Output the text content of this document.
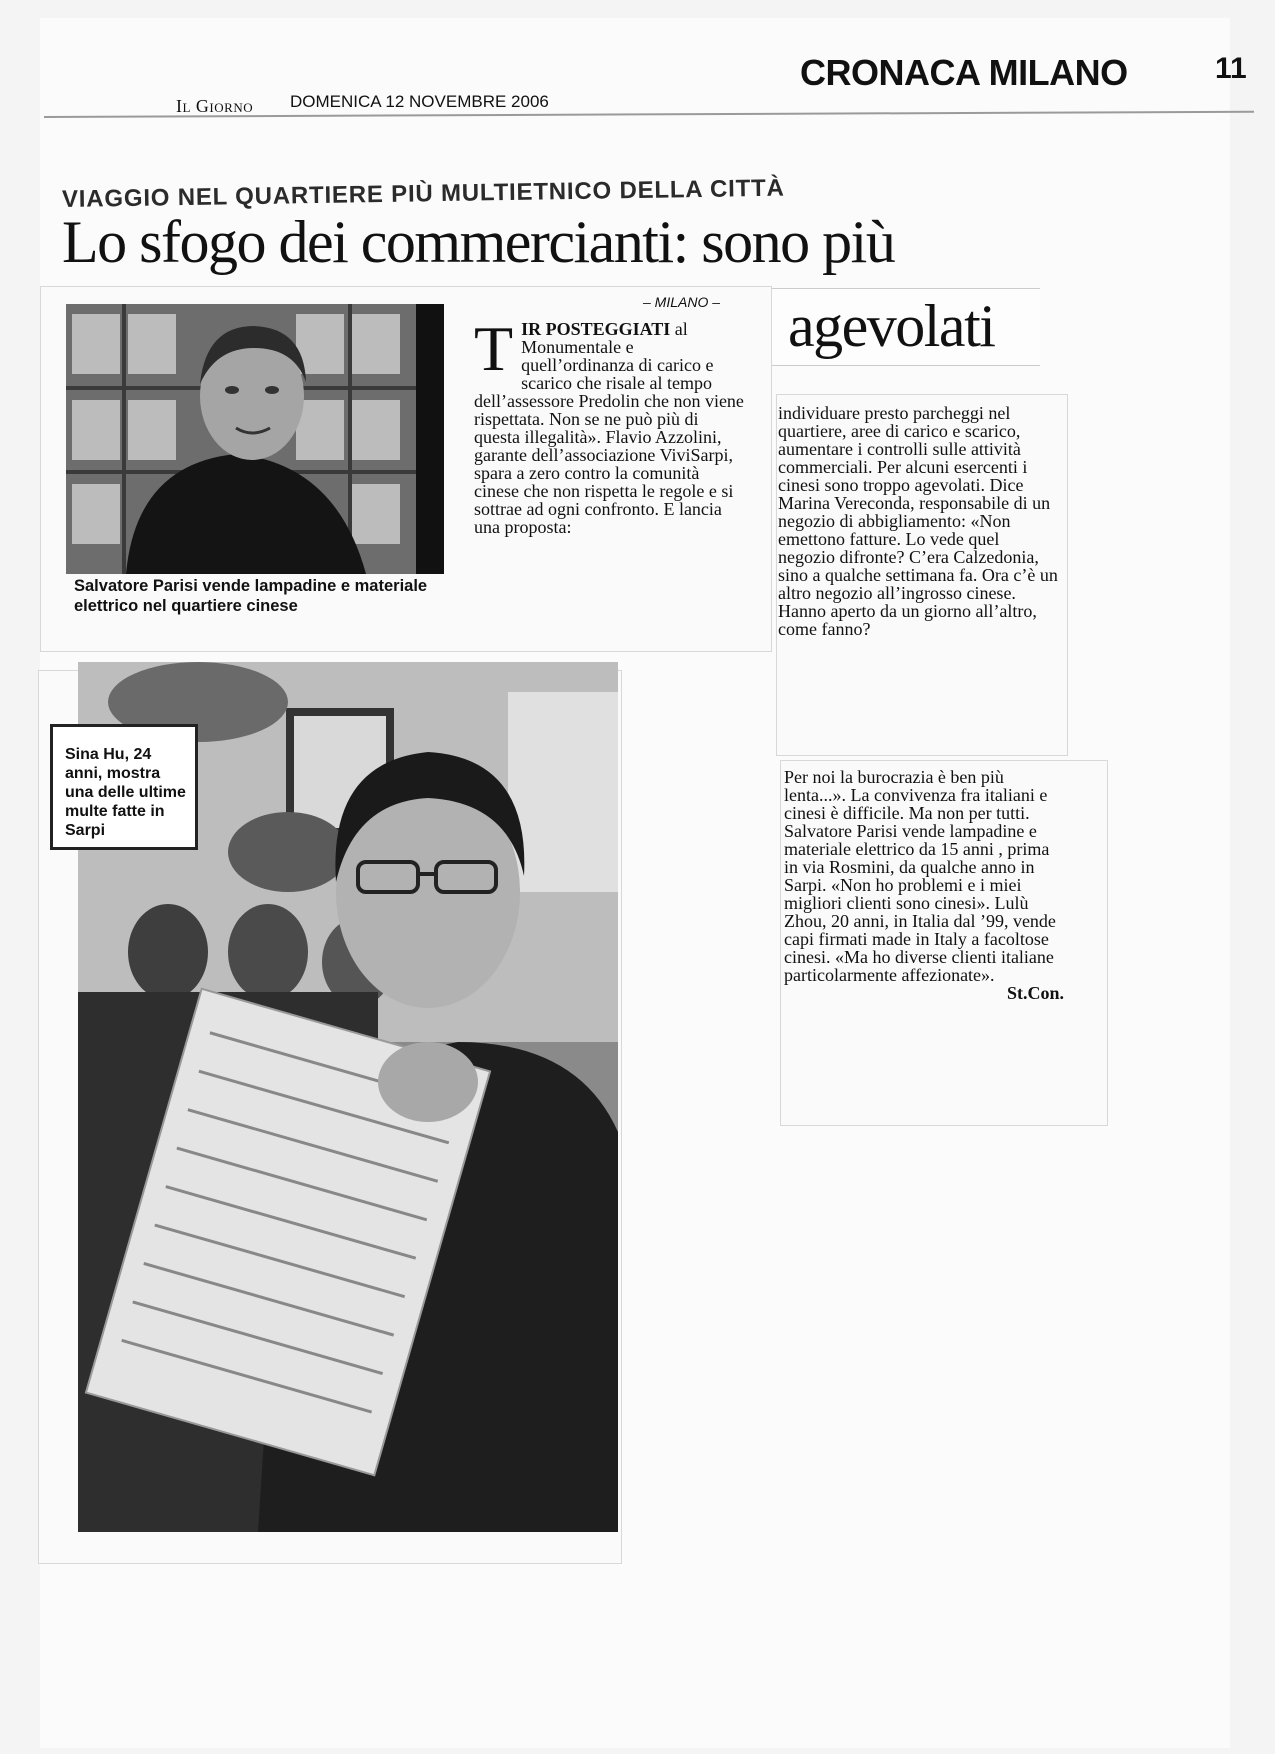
Il Giorno DOMENICA 12 NOVEMBRE 2006
CRONACA MILANO	11
VIAGGIO NEL QUARTIERE PIÙ MULTIETNICO DELLA CITTÀ
Lo sfogo dei commercianti: sono più
agevolati
Salvatore Parisi vende lampadine e materiale elettrico nel quartiere cinese
– MILANO –
TIR POSTEGGIATI al Monumentale e quell’ordinanza di carico e scarico che risale al tempo dell’assessore Predolin che non viene rispettata. Non se ne può più di questa illegalità». Flavio Azzolini, garante dell’associazione ViviSarpi, spara a zero contro la comunità cinese che non rispetta le regole e si sottrae ad ogni confronto. E lancia una proposta:
individuare presto parcheggi nel quartiere, aree di carico e scarico, aumentare i controlli sulle attività commerciali. Per alcuni esercenti i cinesi sono troppo agevolati. Dice Marina Vereconda, responsabile di un negozio di abbigliamento: «Non emettono fatture. Lo vede quel negozio difronte? C’era Calzedonia, sino a qualche settimana fa. Ora c’è un altro negozio all’ingrosso cinese. Hanno aperto da un giorno all’altro, come fanno?
Per noi la burocrazia è ben più lenta...». La convivenza fra italiani e cinesi è difficile. Ma non per tutti. Salvatore Parisi vende lampadine e materiale elettrico da 15 anni , prima in via Rosmini, da qualche anno in Sarpi. «Non ho problemi e i miei migliori clienti sono cinesi». Lulù Zhou, 20 anni, in Italia dal ’99, vende capi firmati made in Italy a facoltose cinesi. «Ma ho diverse clienti italiane particolarmente affezionate».
St.Con.
Sina Hu, 24 anni, mostra una delle ultime multe fatte in Sarpi
